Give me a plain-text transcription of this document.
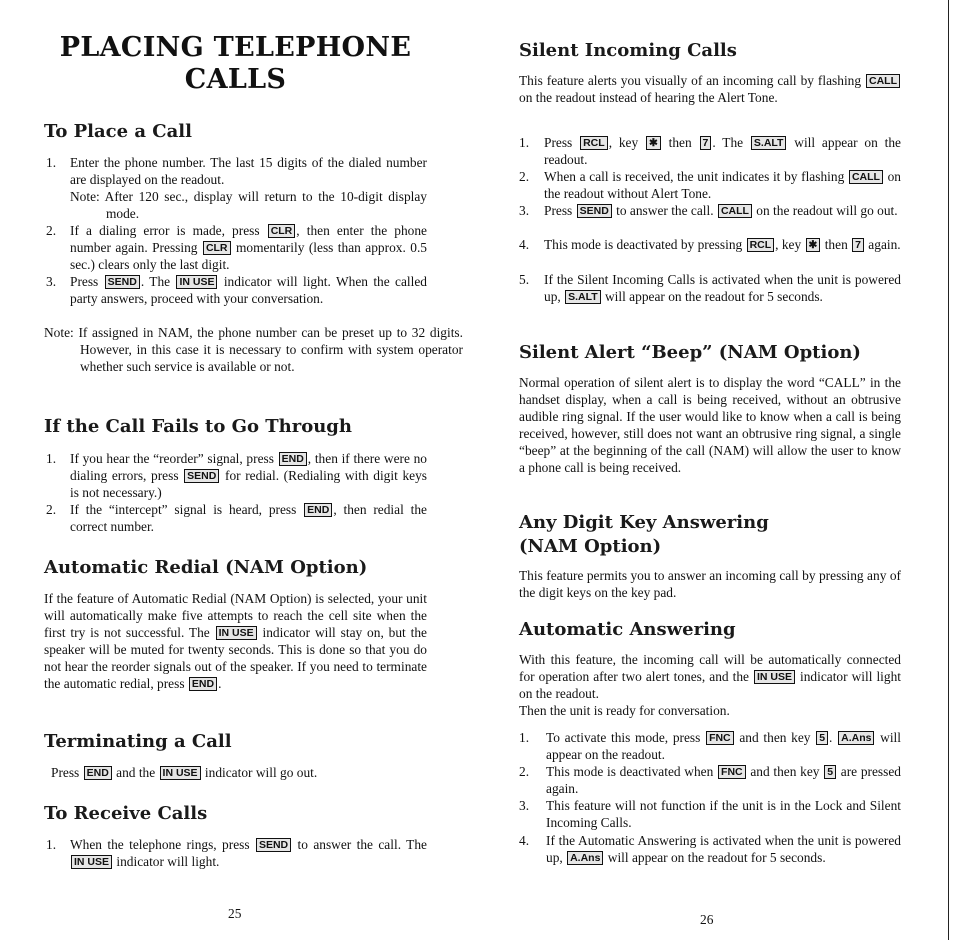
PLACING TELEPHONE CALLS
To Place a Call
1. Enter the phone number. The last 15 digits of the dialed number are displayed on the readout.
Note: After 120 sec., display will return to the 10-digit display mode.
2. If a dialing error is made, press CLR , then enter the phone number again. Pressing CLR momentarily (less than approx. 0.5 sec.) clears only the last digit.
3. Press SEND . The IN USE indicator will light. When the called party answers, proceed with your conversation.
Note: If assigned in NAM, the phone number can be preset up to 32 digits. However, in this case it is necessary to confirm with system operator whether such service is available or not.
If the Call Fails to Go Through
1. If you hear the “reorder” signal, press END , then if there were no dialing errors, press SEND for redial. (Redialing with digit keys is not necessary.)
2. If the “intercept” signal is heard, press END , then redial the correct number.
Automatic Redial (NAM Option)
If the feature of Automatic Redial (NAM Option) is selected, your unit will automatically make five attempts to reach the cell site when the first try is not successful. The IN USE indicator will stay on, but the speaker will be muted for twenty seconds. This is done so that you do not hear the reorder signals out of the speaker. If you need to terminate the automatic redial, press END .
Terminating a Call
Press END and the IN USE indicator will go out.
To Receive Calls
1. When the telephone rings, press SEND to answer the call. The IN USE indicator will light.
25
Silent Incoming Calls
This feature alerts you visually of an incoming call by flashing CALL on the readout instead of hearing the Alert Tone.
1. Press RCL , key ✱ then 7 . The S.ALT will appear on the readout.
2. When a call is received, the unit indicates it by flashing CALL on the readout without Alert Tone.
3. Press SEND to answer the call. CALL on the readout will go out.
4. This mode is deactivated by pressing RCL , key ✱ then 7 again.
5. If the Silent Incoming Calls is activated when the unit is powered up, S.ALT will appear on the readout for 5 seconds.
Silent Alert “Beep” (NAM Option)
Normal operation of silent alert is to display the word “CALL” in the handset display, when a call is being received, without an obtrusive audible ring signal. If the user would like to know when a call is being received, however, still does not want an obtrusive ring signal, a single “beep” at the beginning of the call (NAM) will allow the user to know a phone call is being received.
Any Digit Key Answering
(NAM Option)
This feature permits you to answer an incoming call by pressing any of the digit keys on the key pad.
Automatic Answering
With this feature, the incoming call will be automatically connected for operation after two alert tones, and the IN USE indicator will light on the readout.
Then the unit is ready for conversation.
1. To activate this mode, press FNC and then key 5 . A.Ans will appear on the readout.
2. This mode is deactivated when FNC and then key 5 are pressed again.
3. This feature will not function if the unit is in the Lock and Silent Incoming Calls.
4. If the Automatic Answering is activated when the unit is powered up, A.Ans will appear on the readout for 5 seconds.
26
